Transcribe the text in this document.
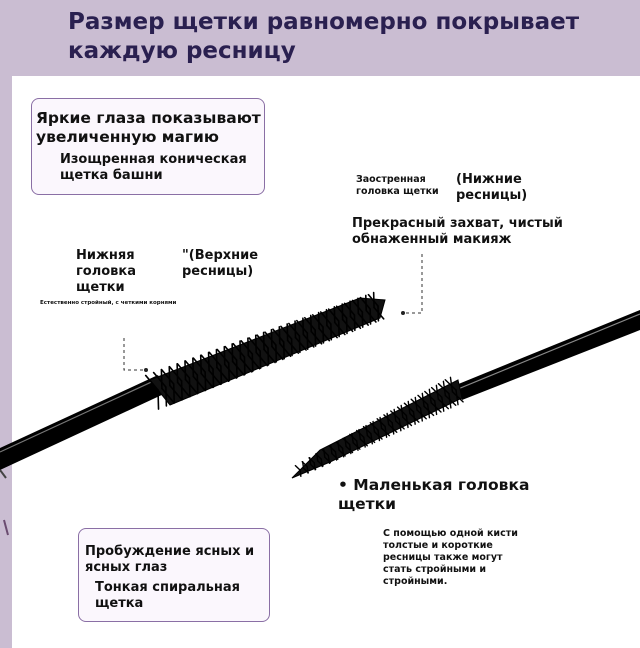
Размер щетки равномерно покрывает каждую ресницу
Яркие глаза показывают увеличенную магию
Изощренная коническая щетка башни
Нижняя головка щетки
"(Верхние ресницы)
Естественно стройный, с четкими корнями
Заостренная головка щетки
(Нижние ресницы)
Прекрасный захват, чистый обнаженный макияж
• Маленькая головка щетки
С помощью одной кисти толстые и короткие ресницы также могут стать стройными и стройными.
Пробуждение ясных и ясных глаз
Тонкая спиральная щетка
